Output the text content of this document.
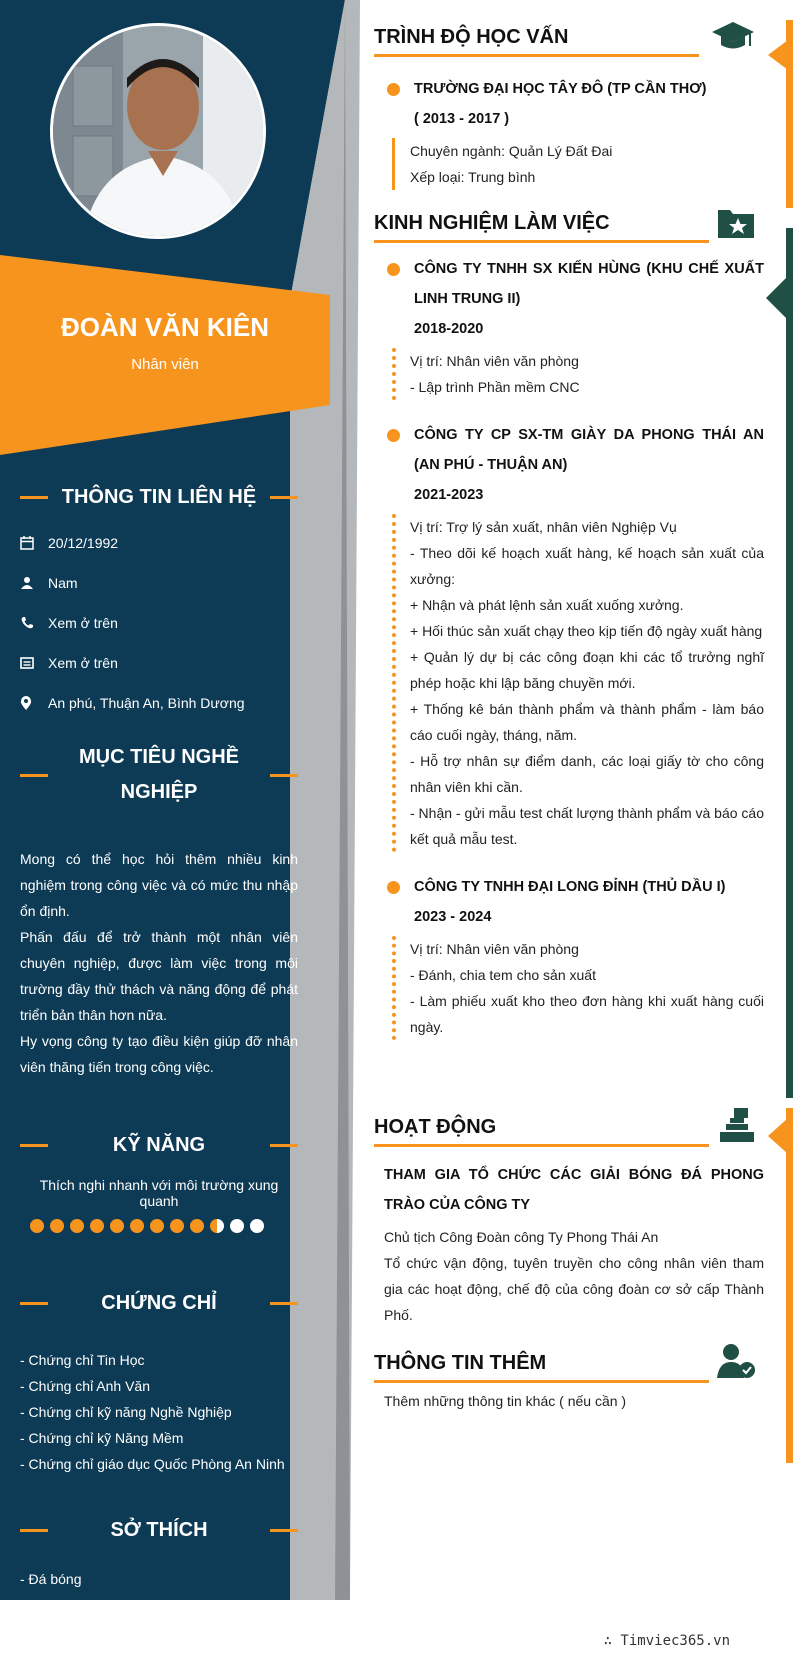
ĐOÀN VĂN KIÊN
Nhân viên
THÔNG TIN LIÊN HỆ
20/12/1992
Nam
Xem ở trên
Xem ở trên
An phú, Thuận An, Bình Dương
MỤC TIÊU NGHỀ
NGHIỆP
Mong có thể học hỏi thêm nhiều kinh nghiệm trong công việc và có mức thu nhập ổn định.
Phấn đấu để trở thành một nhân viên chuyên nghiệp, được làm việc trong môi trường đầy thử thách và năng động để phát triển bản thân hơn nữa.
Hy vọng công ty tạo điều kiện giúp đỡ nhân viên thăng tiến trong công việc.
KỸ NĂNG
Thích nghi nhanh với môi trường xung quanh
CHỨNG CHỈ
- Chứng chỉ Tin Học
- Chứng chỉ Anh Văn
- Chứng chỉ kỹ năng Nghề Nghiệp
- Chứng chỉ kỹ Năng Mềm
- Chứng chỉ giáo dục Quốc Phòng An Ninh
SỞ THÍCH
- Đá bóng
- Xem thời sự
TRÌNH ĐỘ HỌC VẤN
TRƯỜNG ĐẠI HỌC TÂY ĐÔ (TP CẦN THƠ)
( 2013 - 2017 )
Chuyên ngành: Quản Lý Đất Đai
Xếp loại: Trung bình
KINH NGHIỆM LÀM VIỆC
CÔNG TY TNHH SX KIẾN HÙNG (KHU CHẾ XUẤT LINH TRUNG II)
2018-2020
Vị trí: Nhân viên văn phòng
- Lập trình Phần mềm CNC
CÔNG TY CP SX-TM GIÀY DA PHONG THÁI AN (AN PHÚ - THUẬN AN)
2021-2023
Vị trí: Trợ lý sản xuất, nhân viên Nghiệp Vụ
- Theo dõi kế hoạch xuất hàng, kế hoạch sản xuất của xưởng:
+ Nhận và phát lệnh sản xuất xuống xưởng.
+ Hối thúc sản xuất chạy theo kịp tiến độ ngày xuất hàng
+ Quản lý dự bị các công đoạn khi các tổ trưởng nghĩ phép hoặc khi lập băng chuyền mới.
+ Thống kê bán thành phẩm và thành phẩm - làm báo cáo cuối ngày, tháng, năm.
- Hỗ trợ nhân sự điểm danh, các loại giấy tờ cho công nhân viên khi cần.
- Nhận - gửi mẫu test chất lượng thành phẩm và báo cáo kết quả mẫu test.
CÔNG TY TNHH ĐẠI LONG ĐỈNH (THỦ DẦU I)
2023 - 2024
Vị trí: Nhân viên văn phòng
- Đánh, chia tem cho sản xuất
- Làm phiếu xuất kho theo đơn hàng khi xuất hàng cuối ngày.
HOẠT ĐỘNG
THAM GIA TỔ CHỨC CÁC GIẢI BÓNG ĐÁ PHONG TRÀO CỦA CÔNG TY
Chủ tịch Công Đoàn công Ty Phong Thái An
Tổ chức vận động, tuyên truyền cho công nhân viên tham gia các hoạt động, chế độ của công đoàn cơ sở cấp Thành Phố.
THÔNG TIN THÊM
Thêm những thông tin khác ( nếu cần )
∴ Timviec365.vn
